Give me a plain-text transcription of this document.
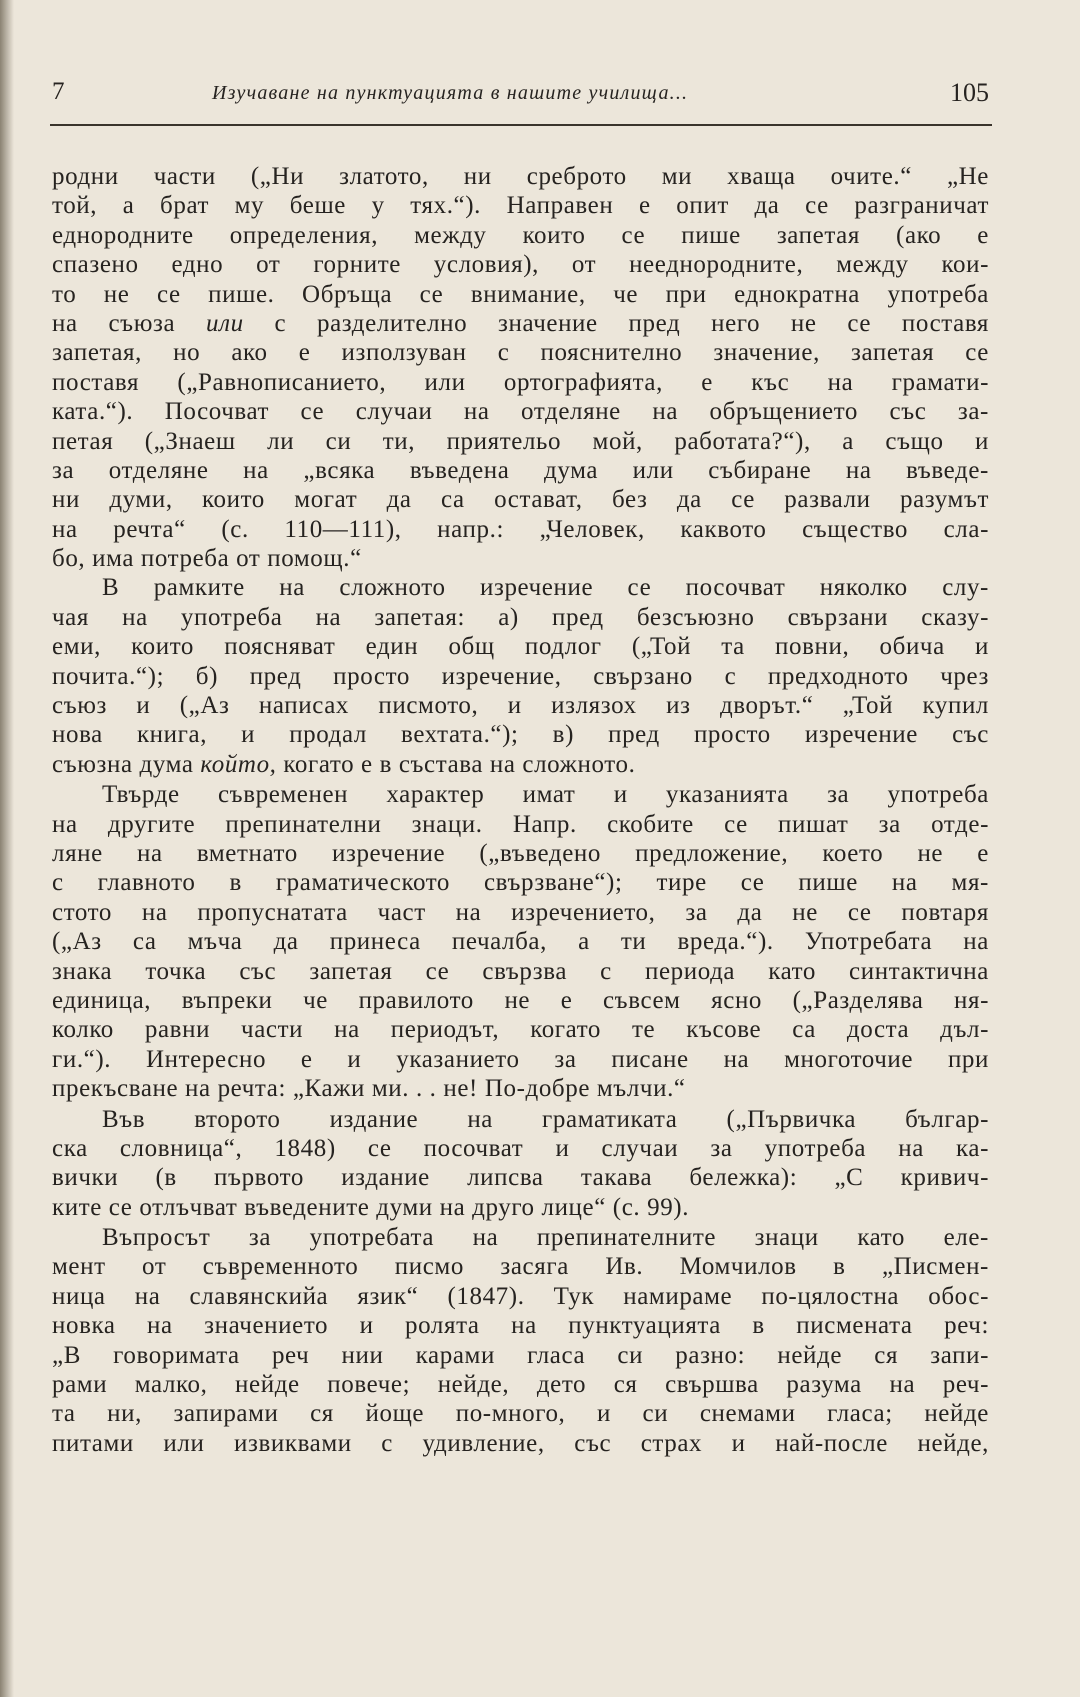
7	Изучаване на пунктуацията в нашите училища...	105
родни части („Ни златото, ни среброто ми хваща очите.“ „Не
той, а брат му беше у тях.“). Направен е опит да се разграничат
еднородните определения, между които се пише запетая (ако е
спазено едно от горните условия), от нееднородните, между кои-
то не се пише. Обръща се внимание, че при еднократна употреба
на съюза или с разделително значение пред него не се поставя
запетая, но ако е използуван с пояснително значение, запетая се
поставя („Равнописанието, или ортографията, е къс на грамати-
ката.“). Посочват се случаи на отделяне на обръщението със за-
петая („Знаеш ли си ти, приятельо мой, работата?“), а също и
за отделяне на „всяка въведена дума или събиране на въведе-
ни думи, които могат да са остават, без да се развали разумът
на речта“ (с. 110—111), напр.: „Человек, каквото същество сла-
бо, има потреба от помощ.“
В рамките на сложното изречение се посочват няколко слу-
чая на употреба на запетая: а) пред безсъюзно свързани сказу-
еми, които поясняват един общ подлог („Той та повни, обича и
почита.“); б) пред просто изречение, свързано с предходното чрез
съюз и („Аз написах писмото, и излязох из дворът.“ „Той купил
нова книга, и продал вехтата.“); в) пред просто изречение със
съюзна дума който, когато е в състава на сложното.
Твърде съвременен характер имат и указанията за употреба
на другите препинателни знаци. Напр. скобите се пишат за отде-
ляне на вметнато изречение („въведено предложение, което не е
с главното в граматическото свързване“); тире се пише на мя-
стото на пропуснатата част на изречението, за да не се повтаря
(„Аз са мъча да принеса печалба, а ти вреда.“). Употребата на
знака точка със запетая се свързва с периода като синтактична
единица, въпреки че правилото не е съвсем ясно („Разделява ня-
колко равни части на периодът, когато те късове са доста дъл-
ги.“). Интересно е и указанието за писане на многоточие при
прекъсване на речта: „Кажи ми. . . не! По-добре мълчи.“
Във второто издание на граматиката („Първичка българ-
ска словница“, 1848) се посочват и случаи за употреба на ка-
вички (в първото издание липсва такава бележка): „С кривич-
ките се отлъчват въведените думи на друго лице“ (с. 99).
Въпросът за употребата на препинателните знаци като еле-
мент от съвременното писмо засяга Ив. Момчилов в „Писмен-
ница на славянскийа язик“ (1847). Тук намираме по-цялостна обос-
новка на значението и ролята на пунктуацията в писмената реч:
„В говоримата реч нии карами гласа си разно: нейде ся запи-
рами малко, нейде повече; нейде, дето ся свършва разума на реч-
та ни, запирами ся йоще по-много, и си снемами гласа; нейде
питами или извиквами с удивление, със страх и най-после нейде,
